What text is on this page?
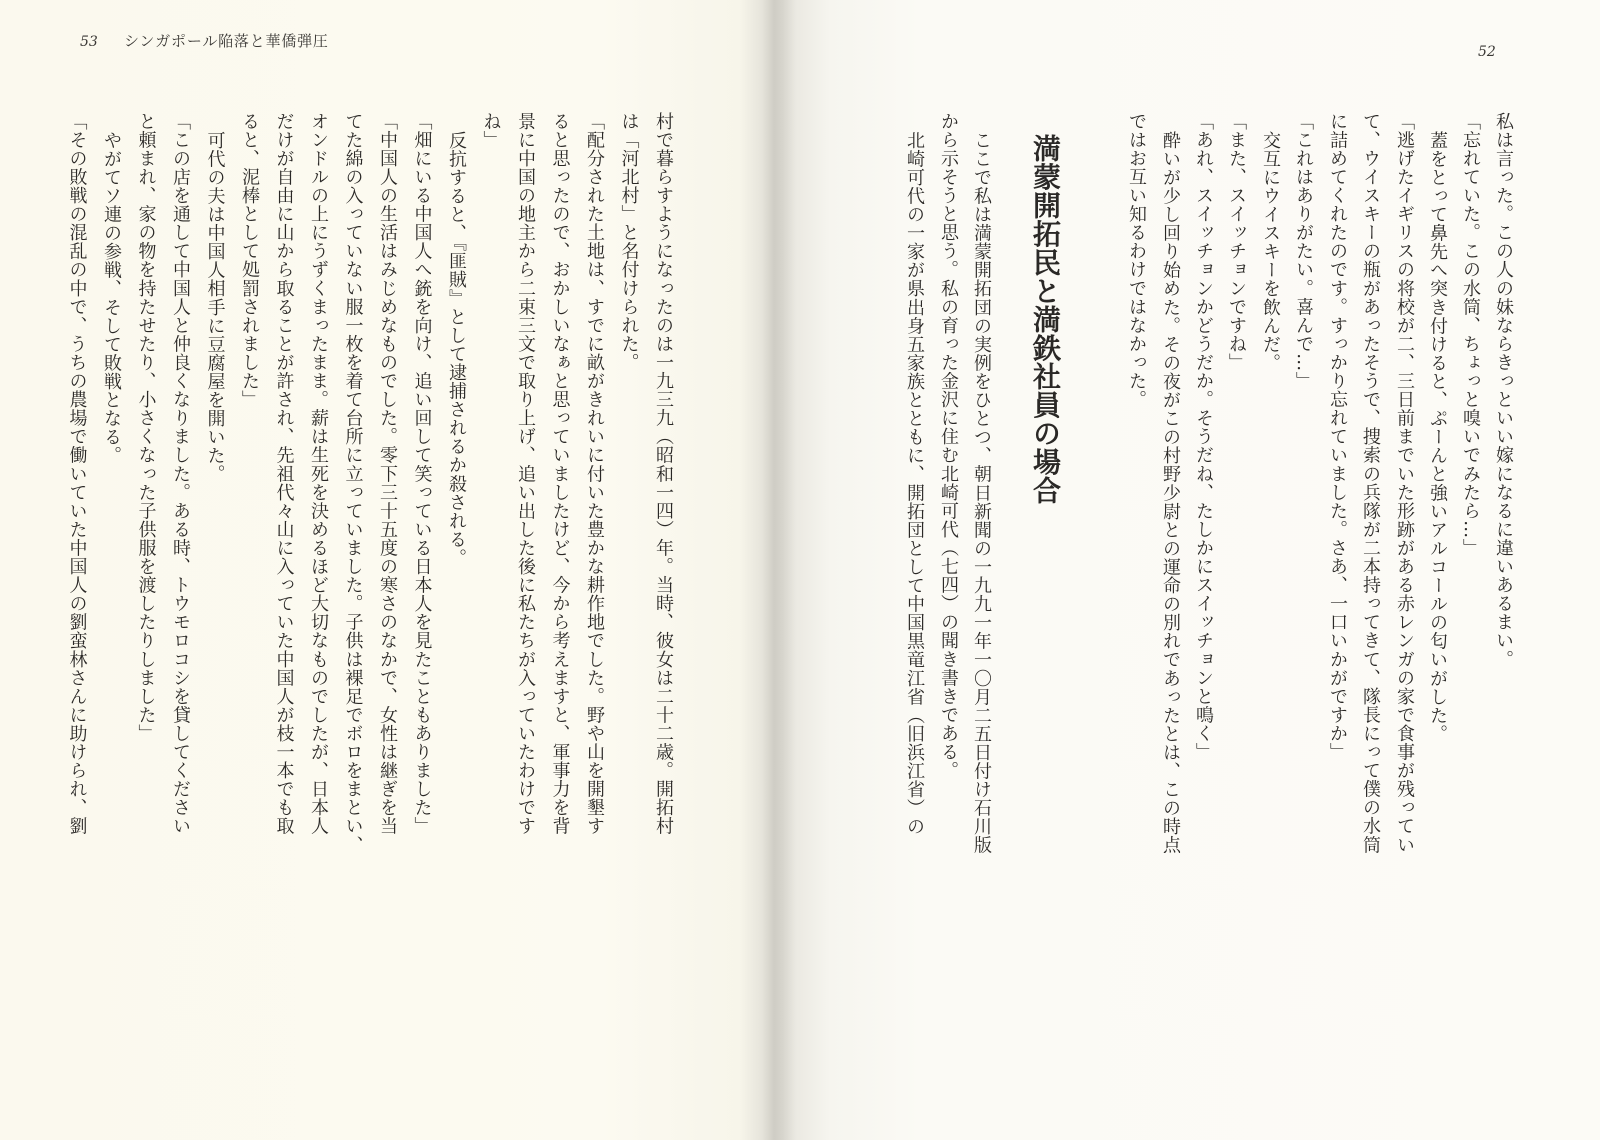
53 シンガポール陥落と華僑弾圧
村で暮らすようになったのは一九三九（昭和一四）年。当時、彼女は二十二歳。開拓村
は「河北村」と名付けられた。
「配分された土地は、すでに畝がきれいに付いた豊かな耕作地でした。野や山を開墾す
ると思ったので、おかしいなぁと思っていましたけど、今から考えますと、軍事力を背
景に中国の地主から二束三文で取り上げ、追い出した後に私たちが入っていたわけです
ね」
反抗すると、『匪賊』として逮捕されるか殺される。
「畑にいる中国人へ銃を向け、追い回して笑っている日本人を見たこともありました」
「中国人の生活はみじめなものでした。零下三十五度の寒さのなかで、女性は継ぎを当
てた綿の入っていない服一枚を着て台所に立っていました。子供は裸足でボロをまとい、
オンドルの上にうずくまったまま。薪は生死を決めるほど大切なものでしたが、日本人
だけが自由に山から取ることが許され、先祖代々山に入っていた中国人が枝一本でも取
ると、泥棒として処罰されました」
可代の夫は中国人相手に豆腐屋を開いた。
「この店を通して中国人と仲良くなりました。ある時、トウモロコシを貸してください
と頼まれ、家の物を持たせたり、小さくなった子供服を渡したりしました」
やがてソ連の参戦、そして敗戦となる。
「その敗戦の混乱の中で、うちの農場で働いていた中国人の劉蛮林さんに助けられ、劉
52
私は言った。この人の妹ならきっといい嫁になるに違いあるまい。
「忘れていた。この水筒、ちょっと嗅いでみたら…」
蓋をとって鼻先へ突き付けると、ぷーんと強いアルコールの匂いがした。
「逃げたイギリスの将校が二、三日前までいた形跡がある赤レンガの家で食事が残ってい
て、ウイスキーの瓶があったそうで、捜索の兵隊が二本持ってきて、隊長にって僕の水筒
に詰めてくれたのです。すっかり忘れていました。さあ、一口いかがですか」
「これはありがたい。喜んで…」
交互にウイスキーを飲んだ。
「また、スイッチョンですね」
「あれ、スイッチョンかどうだか。そうだね、たしかにスイッチョンと鳴く」
酔いが少し回り始めた。その夜がこの村野少尉との運命の別れであったとは、この時点
ではお互い知るわけではなかった。
満蒙開拓民と満鉄社員の場合
ここで私は満蒙開拓団の実例をひとつ、朝日新聞の一九九一年一〇月二五日付け石川版
から示そうと思う。私の育った金沢に住む北崎可代（七四）の聞き書きである。
北崎可代の一家が県出身五家族とともに、開拓団として中国黒竜江省（旧浜江省）の
